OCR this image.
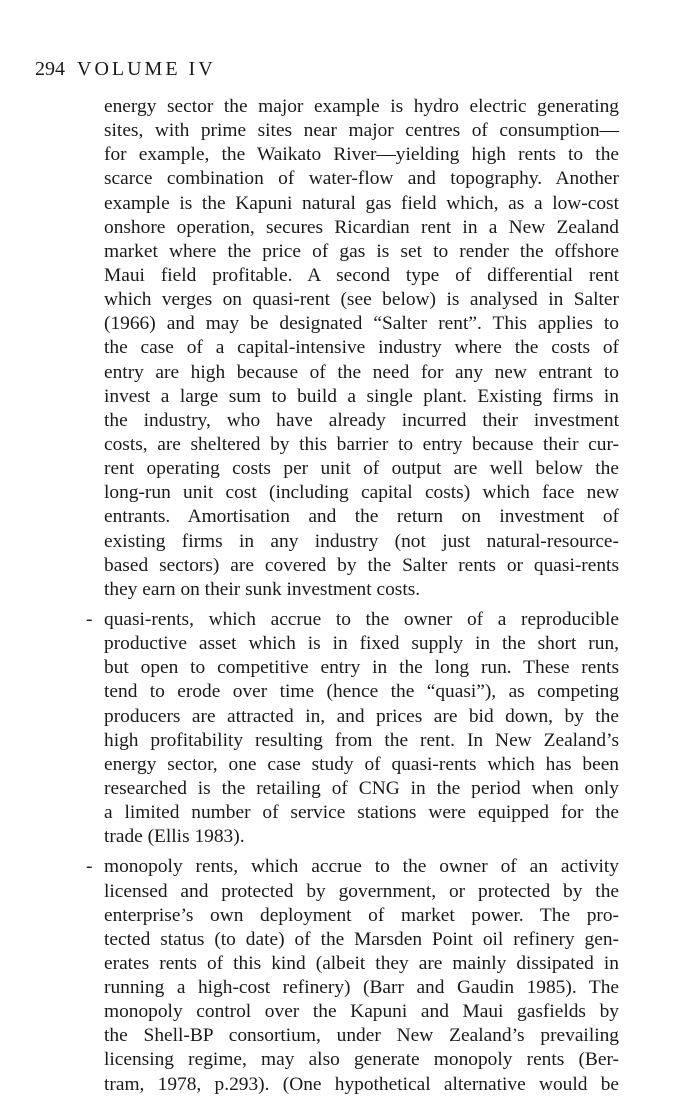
294 VOLUME IV
energy sector the major example is hydro electric generating
sites, with prime sites near major centres of consumption—
for example, the Waikato River—yielding high rents to the
scarce combination of water-flow and topography. Another
example is the Kapuni natural gas field which, as a low-cost
onshore operation, secures Ricardian rent in a New Zealand
market where the price of gas is set to render the offshore
Maui field profitable. A second type of differential rent
which verges on quasi-rent (see below) is analysed in Salter
(1966) and may be designated “Salter rent”. This applies to
the case of a capital-intensive industry where the costs of
entry are high because of the need for any new entrant to
invest a large sum to build a single plant. Existing firms in
the industry, who have already incurred their investment
costs, are sheltered by this barrier to entry because their cur-
rent operating costs per unit of output are well below the
long-run unit cost (including capital costs) which face new
entrants. Amortisation and the return on investment of
existing firms in any industry (not just natural-resource-
based sectors) are covered by the Salter rents or quasi-rents
they earn on their sunk investment costs.
- quasi-rents, which accrue to the owner of a reproducible
productive asset which is in fixed supply in the short run,
but open to competitive entry in the long run. These rents
tend to erode over time (hence the “quasi”), as competing
producers are attracted in, and prices are bid down, by the
high profitability resulting from the rent. In New Zealand’s
energy sector, one case study of quasi-rents which has been
researched is the retailing of CNG in the period when only
a limited number of service stations were equipped for the
trade (Ellis 1983).
- monopoly rents, which accrue to the owner of an activity
licensed and protected by government, or protected by the
enterprise’s own deployment of market power. The pro-
tected status (to date) of the Marsden Point oil refinery gen-
erates rents of this kind (albeit they are mainly dissipated in
running a high-cost refinery) (Barr and Gaudin 1985). The
monopoly control over the Kapuni and Maui gasfields by
the Shell-BP consortium, under New Zealand’s prevailing
licensing regime, may also generate monopoly rents (Ber-
tram, 1978, p.293). (One hypothetical alternative would be
